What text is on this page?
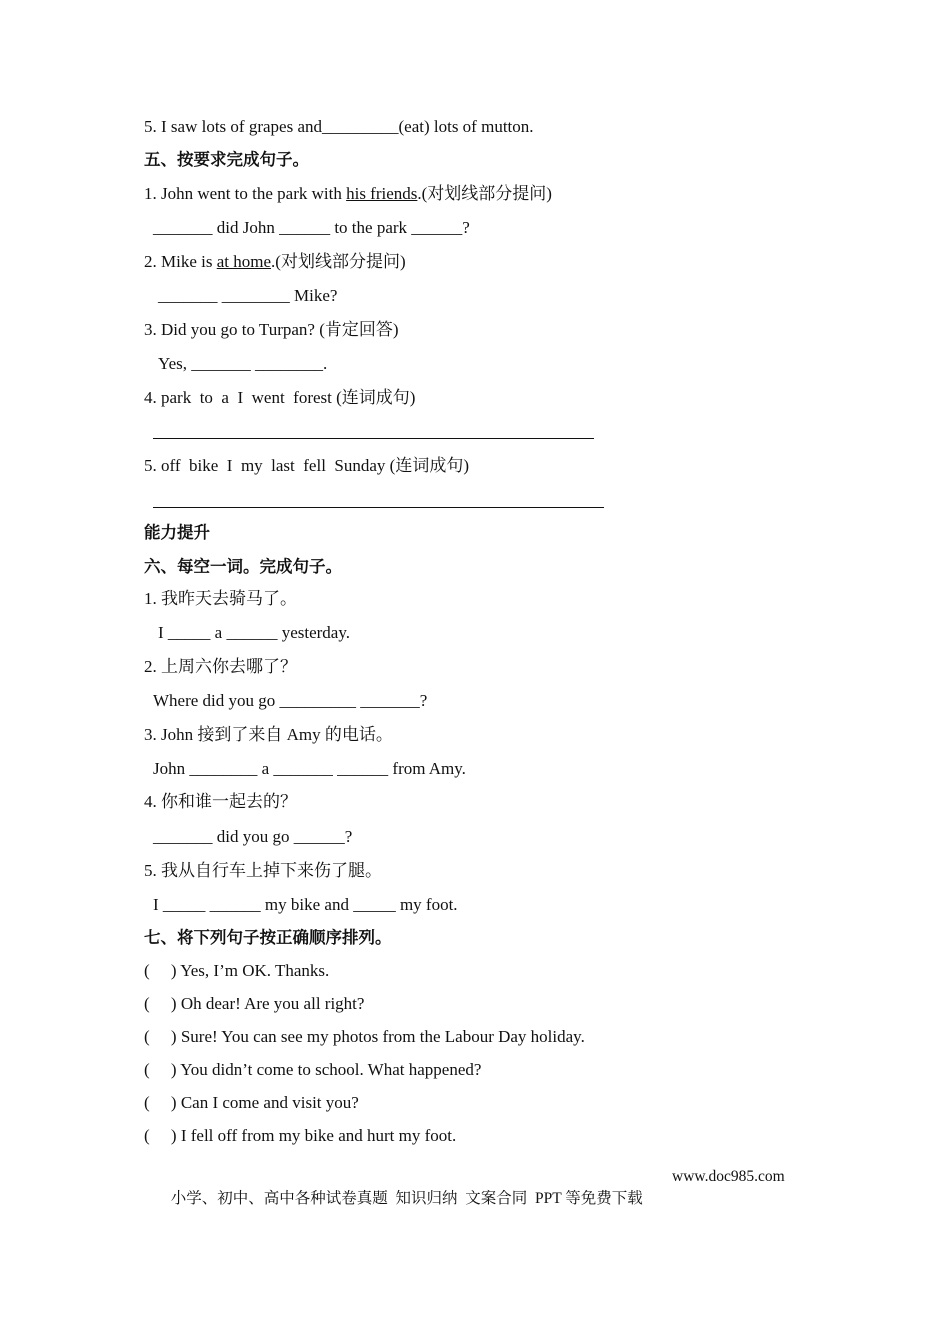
5. I saw lots of grapes and_________(eat) lots of mutton.
五、按要求完成句子。
1. John went to the park with his friends.(对划线部分提问)
_______ did John ______ to the park ______?
2. Mike is at home.(对划线部分提问)
_______ ________ Mike?
3. Did you go to Turpan? (肯定回答)
Yes, _______ ________.
4. park  to  a  I  went  forest (连词成句)
5. off  bike  I  my  last  fell  Sunday (连词成句)
能力提升
六、每空一词。完成句子。
1. 我昨天去骑马了。
I _____ a ______ yesterday.
2. 上周六你去哪了？
Where did you go _________ _______?
3. John 接到了来自 Amy 的电话。
John ________ a _______ ______ from Amy.
4. 你和谁一起去的？
_______ did you go ______?
5. 我从自行车上掉下来伤了腿。
I _____ ______ my bike and _____ my foot.
七、将下列句子按正确顺序排列。
(     ) Yes, I’m OK. Thanks.
(     ) Oh dear! Are you all right?
(     ) Sure! You can see my photos from the Labour Day holiday.
(     ) You didn’t come to school. What happened?
(     ) Can I come and visit you?
(     ) I fell off from my bike and hurt my foot.

小学、初中、高中各种试卷真题  知识归纳  文案合同  PPT 等免费下载

www.doc985.com
